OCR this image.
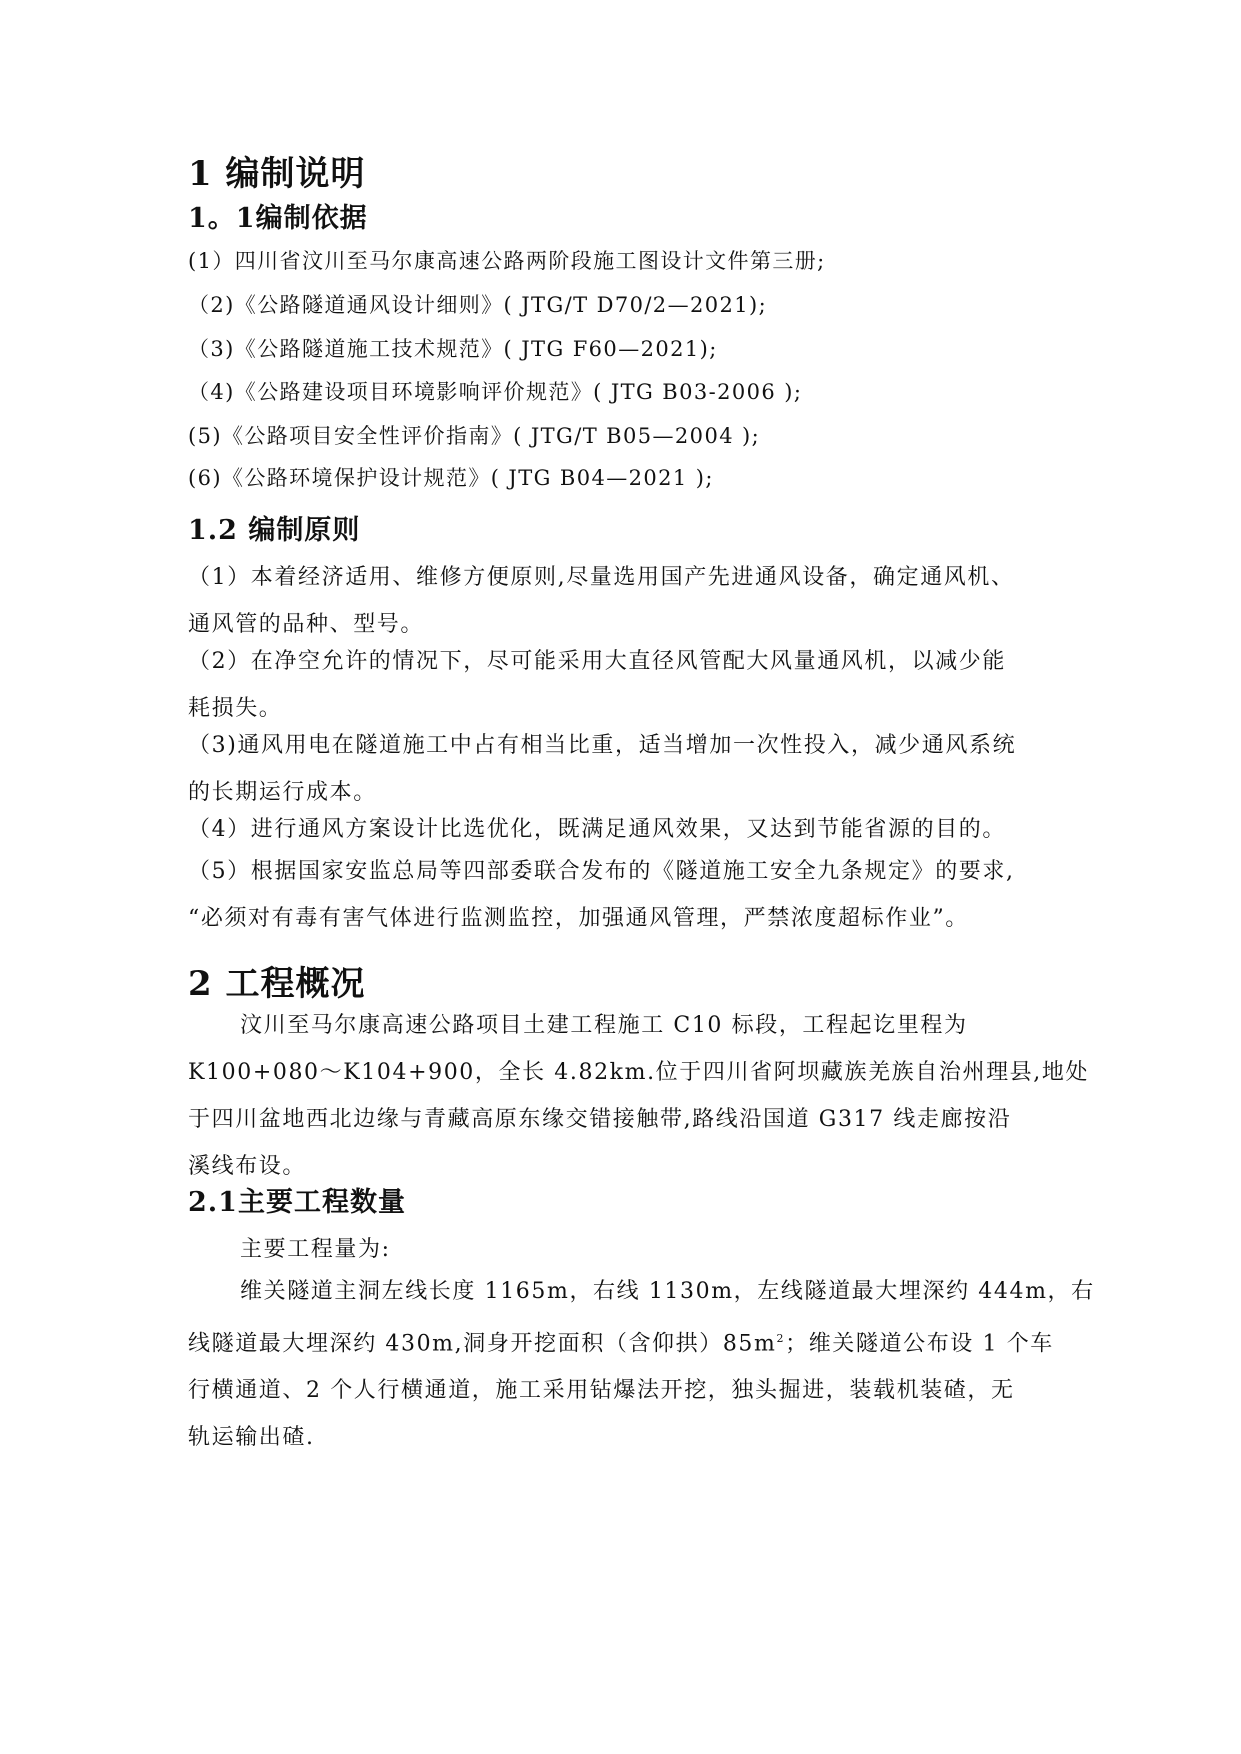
1 编制说明
1。1编制依据
(1）四川省汶川至马尔康高速公路两阶段施工图设计文件第三册;
（2)《公路隧道通风设计细则》( JTG/T D70/2—2021);
（3)《公路隧道施工技术规范》( JTG F60—2021);
（4)《公路建设项目环境影响评价规范》( JTG B03-2006 );
(5)《公路项目安全性评价指南》( JTG/T B05—2004 );
(6)《公路环境保护设计规范》( JTG B04—2021 );
1.2 编制原则
（1）本着经济适用、维修方便原则,尽量选用国产先进通风设备，确定通风机、
通风管的品种、型号。
（2）在净空允许的情况下，尽可能采用大直径风管配大风量通风机，以减少能
耗损失。
（3)通风用电在隧道施工中占有相当比重，适当增加一次性投入，减少通风系统
的长期运行成本。
（4）进行通风方案设计比选优化，既满足通风效果，又达到节能省源的目的。
（5）根据国家安监总局等四部委联合发布的《隧道施工安全九条规定》的要求,
“必须对有毒有害气体进行监测监控，加强通风管理，严禁浓度超标作业”。
2 工程概况
汶川至马尔康高速公路项目土建工程施工 C10 标段，工程起讫里程为
K100+080～K104+900，全长 4.82km.位于四川省阿坝藏族羌族自治州理县,地处
于四川盆地西北边缘与青藏高原东缘交错接触带,路线沿国道 G317 线走廊按沿
溪线布设。
2.1主要工程数量
主要工程量为:
维关隧道主洞左线长度 1165m，右线 1130m，左线隧道最大埋深约 444m，右
线隧道最大埋深约 430m,洞身开挖面积（含仰拱）$85m^2$；维关隧道公布设 1 个车
行横通道、2 个人行横通道，施工采用钻爆法开挖，独头掘进，装载机装碴，无
轨运输出碴.
